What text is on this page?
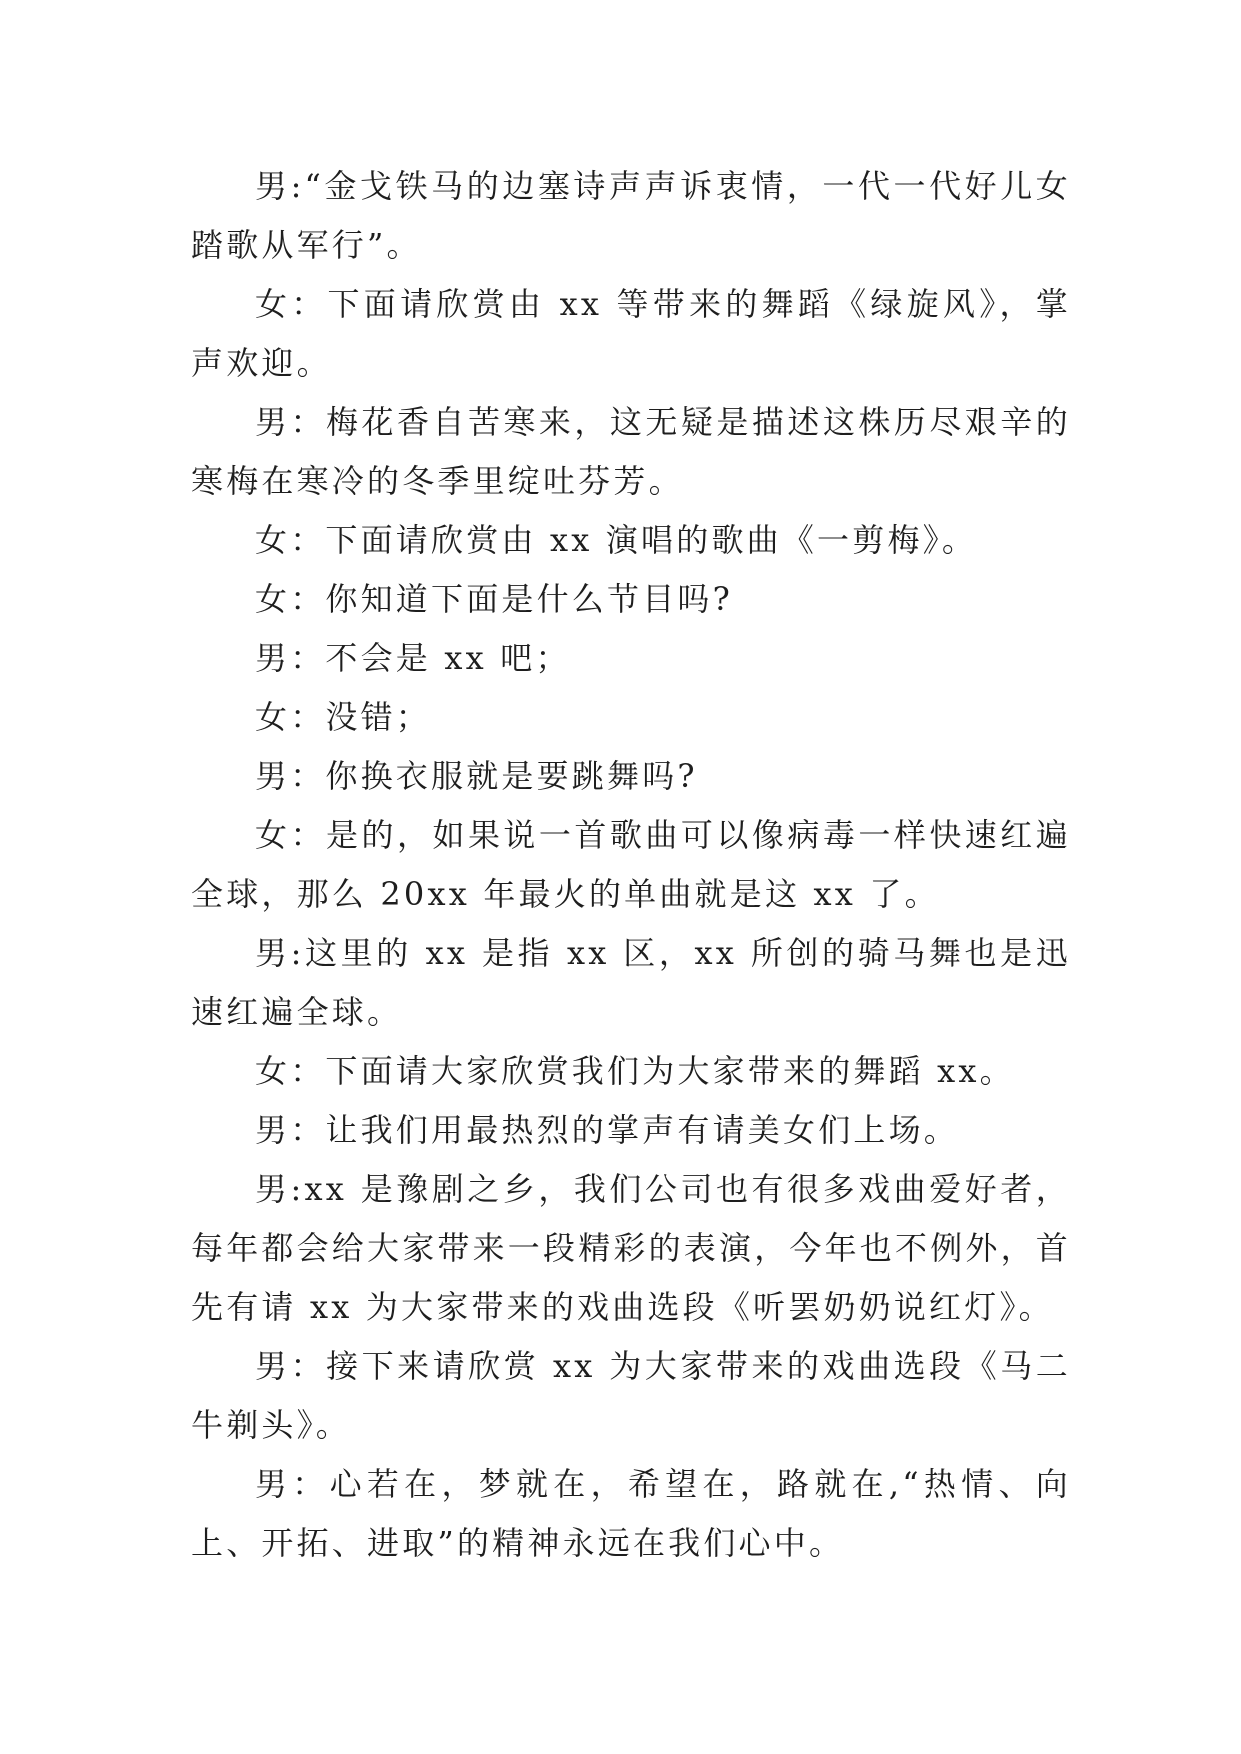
男:“金戈铁马的边塞诗声声诉衷情，一代一代好儿女踏歌从军行”。

女：下面请欣赏由 xx 等带来的舞蹈《绿旋风》，掌声欢迎。

男：梅花香自苦寒来，这无疑是描述这株历尽艰辛的寒梅在寒冷的冬季里绽吐芬芳。

女：下面请欣赏由 xx 演唱的歌曲《一剪梅》。

女：你知道下面是什么节目吗?

男：不会是 xx 吧；

女：没错；

男：你换衣服就是要跳舞吗?

女：是的，如果说一首歌曲可以像病毒一样快速红遍全球，那么 20xx 年最火的单曲就是这 xx 了。

男:这里的 xx 是指 xx 区，xx 所创的骑马舞也是迅速红遍全球。

女：下面请大家欣赏我们为大家带来的舞蹈 xx。

男：让我们用最热烈的掌声有请美女们上场。

男:xx 是豫剧之乡，我们公司也有很多戏曲爱好者，每年都会给大家带来一段精彩的表演，今年也不例外，首先有请 xx 为大家带来的戏曲选段《听罢奶奶说红灯》。

男：接下来请欣赏 xx 为大家带来的戏曲选段《马二牛剃头》。

男：心若在，梦就在，希望在，路就在,“热情、向上、开拓、进取”的精神永远在我们心中。
